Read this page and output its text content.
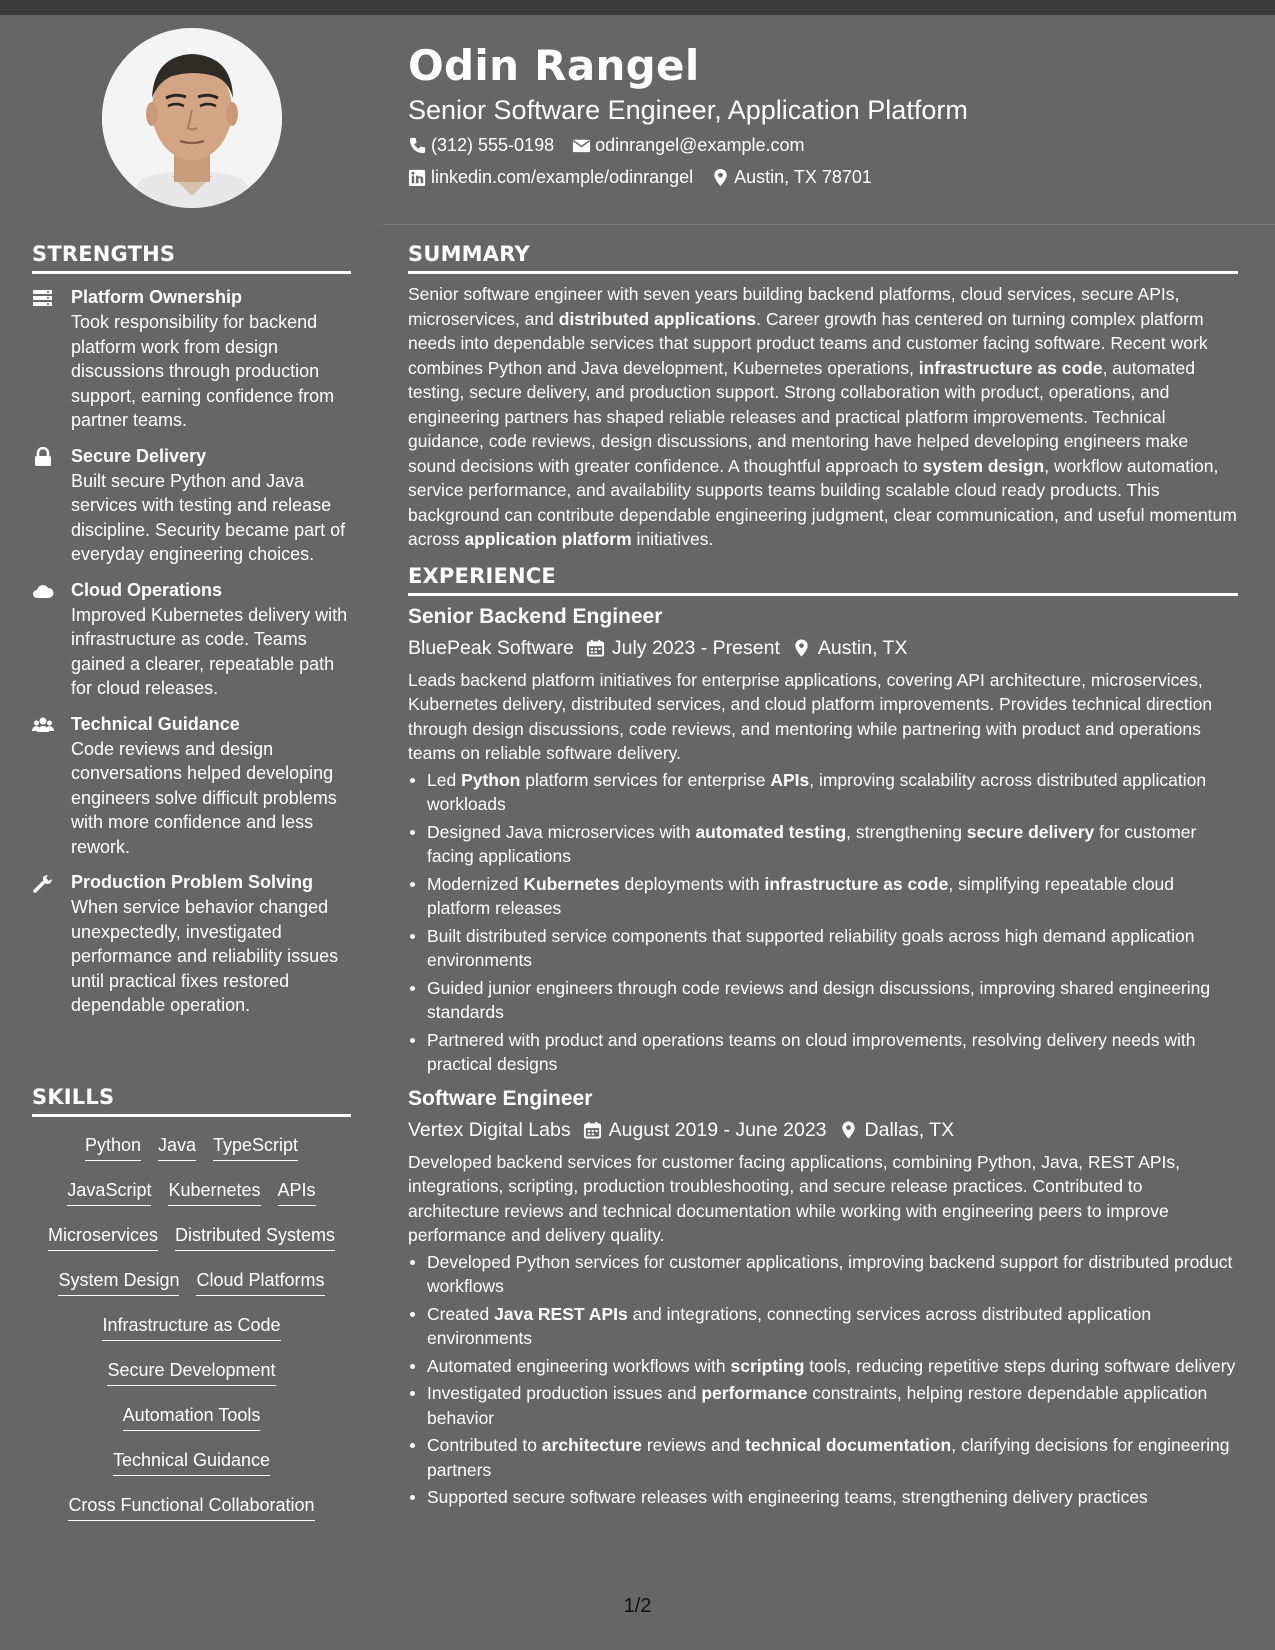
STRENGTHS
Platform Ownership
Took responsibility for backend platform work from design discussions through production support, earning confidence from partner teams.
Secure Delivery
Built secure Python and Java services with testing and release discipline. Security became part of everyday engineering choices.
Cloud Operations
Improved Kubernetes delivery with infrastructure as code. Teams gained a clearer, repeatable path for cloud releases.
Technical Guidance
Code reviews and design conversations helped developing engineers solve difficult problems with more confidence and less rework.
Production Problem Solving
When service behavior changed unexpectedly, investigated performance and reliability issues until practical fixes restored dependable operation.
SKILLS
Python Java TypeScript
JavaScript Kubernetes APIs
Microservices Distributed Systems
System Design Cloud Platforms
Infrastructure as Code
Secure Development
Automation Tools
Technical Guidance
Cross Functional Collaboration
Odin Rangel
Senior Software Engineer, Application Platform
(312) 555-0198 odinrangel@example.com
linkedin.com/example/odinrangel Austin, TX 78701
SUMMARY

Senior software engineer with seven years building backend platforms, cloud services, secure APIs, microservices, and distributed applications. Career growth has centered on turning complex platform needs into dependable services that support product teams and customer facing software. Recent work combines Python and Java development, Kubernetes operations, infrastructure as code, automated testing, secure delivery, and production support. Strong collaboration with product, operations, and engineering partners has shaped reliable releases and practical platform improvements. Technical guidance, code reviews, design discussions, and mentoring have helped developing engineers make sound decisions with greater confidence. A thoughtful approach to system design, workflow automation, service performance, and availability supports teams building scalable cloud ready products. This background can contribute dependable engineering judgment, clear communication, and useful momentum across application platform initiatives.

EXPERIENCE
Senior Backend Engineer
BluePeak Software July 2023 - Present Austin, TX
Leads backend platform initiatives for enterprise applications, covering API architecture, microservices, Kubernetes delivery, distributed services, and cloud platform improvements. Provides technical direction through design discussions, code reviews, and mentoring while partnering with product and operations teams on reliable software delivery.
Led Python platform services for enterprise APIs, improving scalability across distributed application workloads
Designed Java microservices with automated testing, strengthening secure delivery for customer facing applications
Modernized Kubernetes deployments with infrastructure as code, simplifying repeatable cloud platform releases
Built distributed service components that supported reliability goals across high demand application environments
Guided junior engineers through code reviews and design discussions, improving shared engineering standards
Partnered with product and operations teams on cloud improvements, resolving delivery needs with practical designs
Software Engineer
Vertex Digital Labs August 2019 - June 2023 Dallas, TX
Developed backend services for customer facing applications, combining Python, Java, REST APIs, integrations, scripting, production troubleshooting, and secure release practices. Contributed to architecture reviews and technical documentation while working with engineering peers to improve performance and delivery quality.
Developed Python services for customer applications, improving backend support for distributed product workflows
Created Java REST APIs and integrations, connecting services across distributed application environments
Automated engineering workflows with scripting tools, reducing repetitive steps during software delivery
Investigated production issues and performance constraints, helping restore dependable application behavior
Contributed to architecture reviews and technical documentation, clarifying decisions for engineering partners
Supported secure software releases with engineering teams, strengthening delivery practices
1/2
